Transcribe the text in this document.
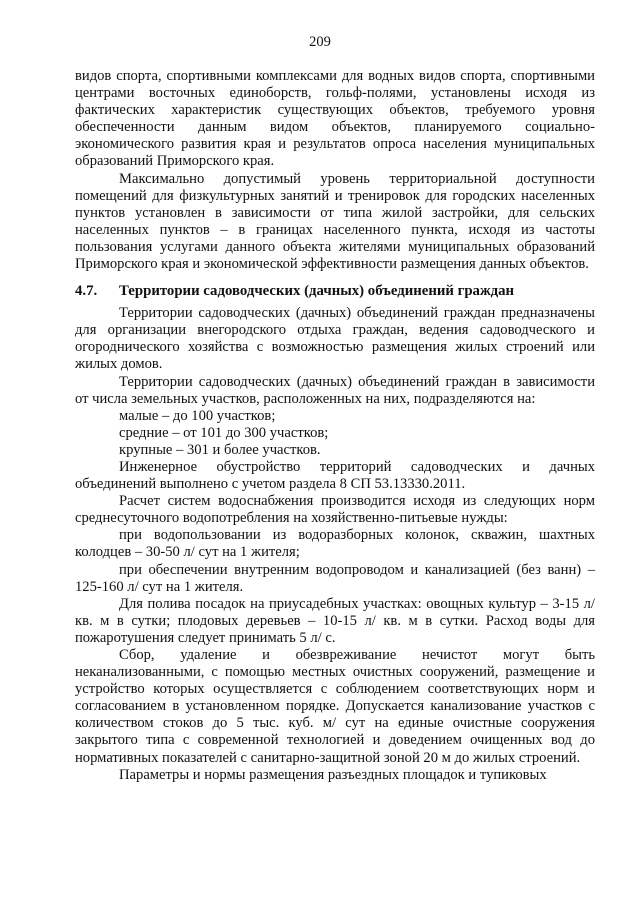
209

видов спорта, спортивными комплексами для водных видов спорта, спортивными центрами восточных единоборств, гольф-полями, установлены исходя из фактических характеристик существующих объектов, требуемого уровня обеспеченности данным видом объектов, планируемого социально-экономического развития края и результатов опроса населения муниципальных образований Приморского края.

Максимально допустимый уровень территориальной доступности помещений для физкультурных занятий и тренировок для городских населенных пунктов установлен в зависимости от типа жилой застройки, для сельских населенных пунктов – в границах населенного пункта, исходя из частоты пользования услугами данного объекта жителями муниципальных образований Приморского края и экономической эффективности размещения данных объектов.

4.7. Территории садоводческих (дачных) объединений граждан

Территории садоводческих (дачных) объединений граждан предназначены для организации внегородского отдыха граждан, ведения садоводческого и огороднического хозяйства с возможностью размещения жилых строений или жилых домов.

Территории садоводческих (дачных) объединений граждан в зависимости от числа земельных участков, расположенных на них, подразделяются на:

малые – до 100 участков;

средние – от 101 до 300 участков;

крупные – 301 и более участков.

Инженерное обустройство территорий садоводческих и дачных объединений выполнено с учетом раздела 8 СП 53.13330.2011.

Расчет систем водоснабжения производится исходя из следующих норм среднесуточного водопотребления на хозяйственно-питьевые нужды:

при водопользовании из водоразборных колонок, скважин, шахтных колодцев – 30-50 л/ сут на 1 жителя;

при обеспечении внутренним водопроводом и канализацией (без ванн) – 125-160 л/ сут на 1 жителя.

Для полива посадок на приусадебных участках: овощных культур – 3-15 л/ кв. м в сутки; плодовых деревьев – 10-15 л/ кв. м в сутки. Расход воды для пожаротушения следует принимать 5 л/ с.

Сбор, удаление и обезвреживание нечистот могут быть неканализованными, с помощью местных очистных сооружений, размещение и устройство которых осуществляется с соблюдением соответствующих норм и согласованием в установленном порядке. Допускается канализование участков с количеством стоков до 5 тыс. куб. м/ сут на единые очистные сооружения закрытого типа с современной технологией и доведением очищенных вод до нормативных показателей с санитарно-защитной зоной 20 м до жилых строений.

Параметры и нормы размещения разъездных площадок и тупиковых
